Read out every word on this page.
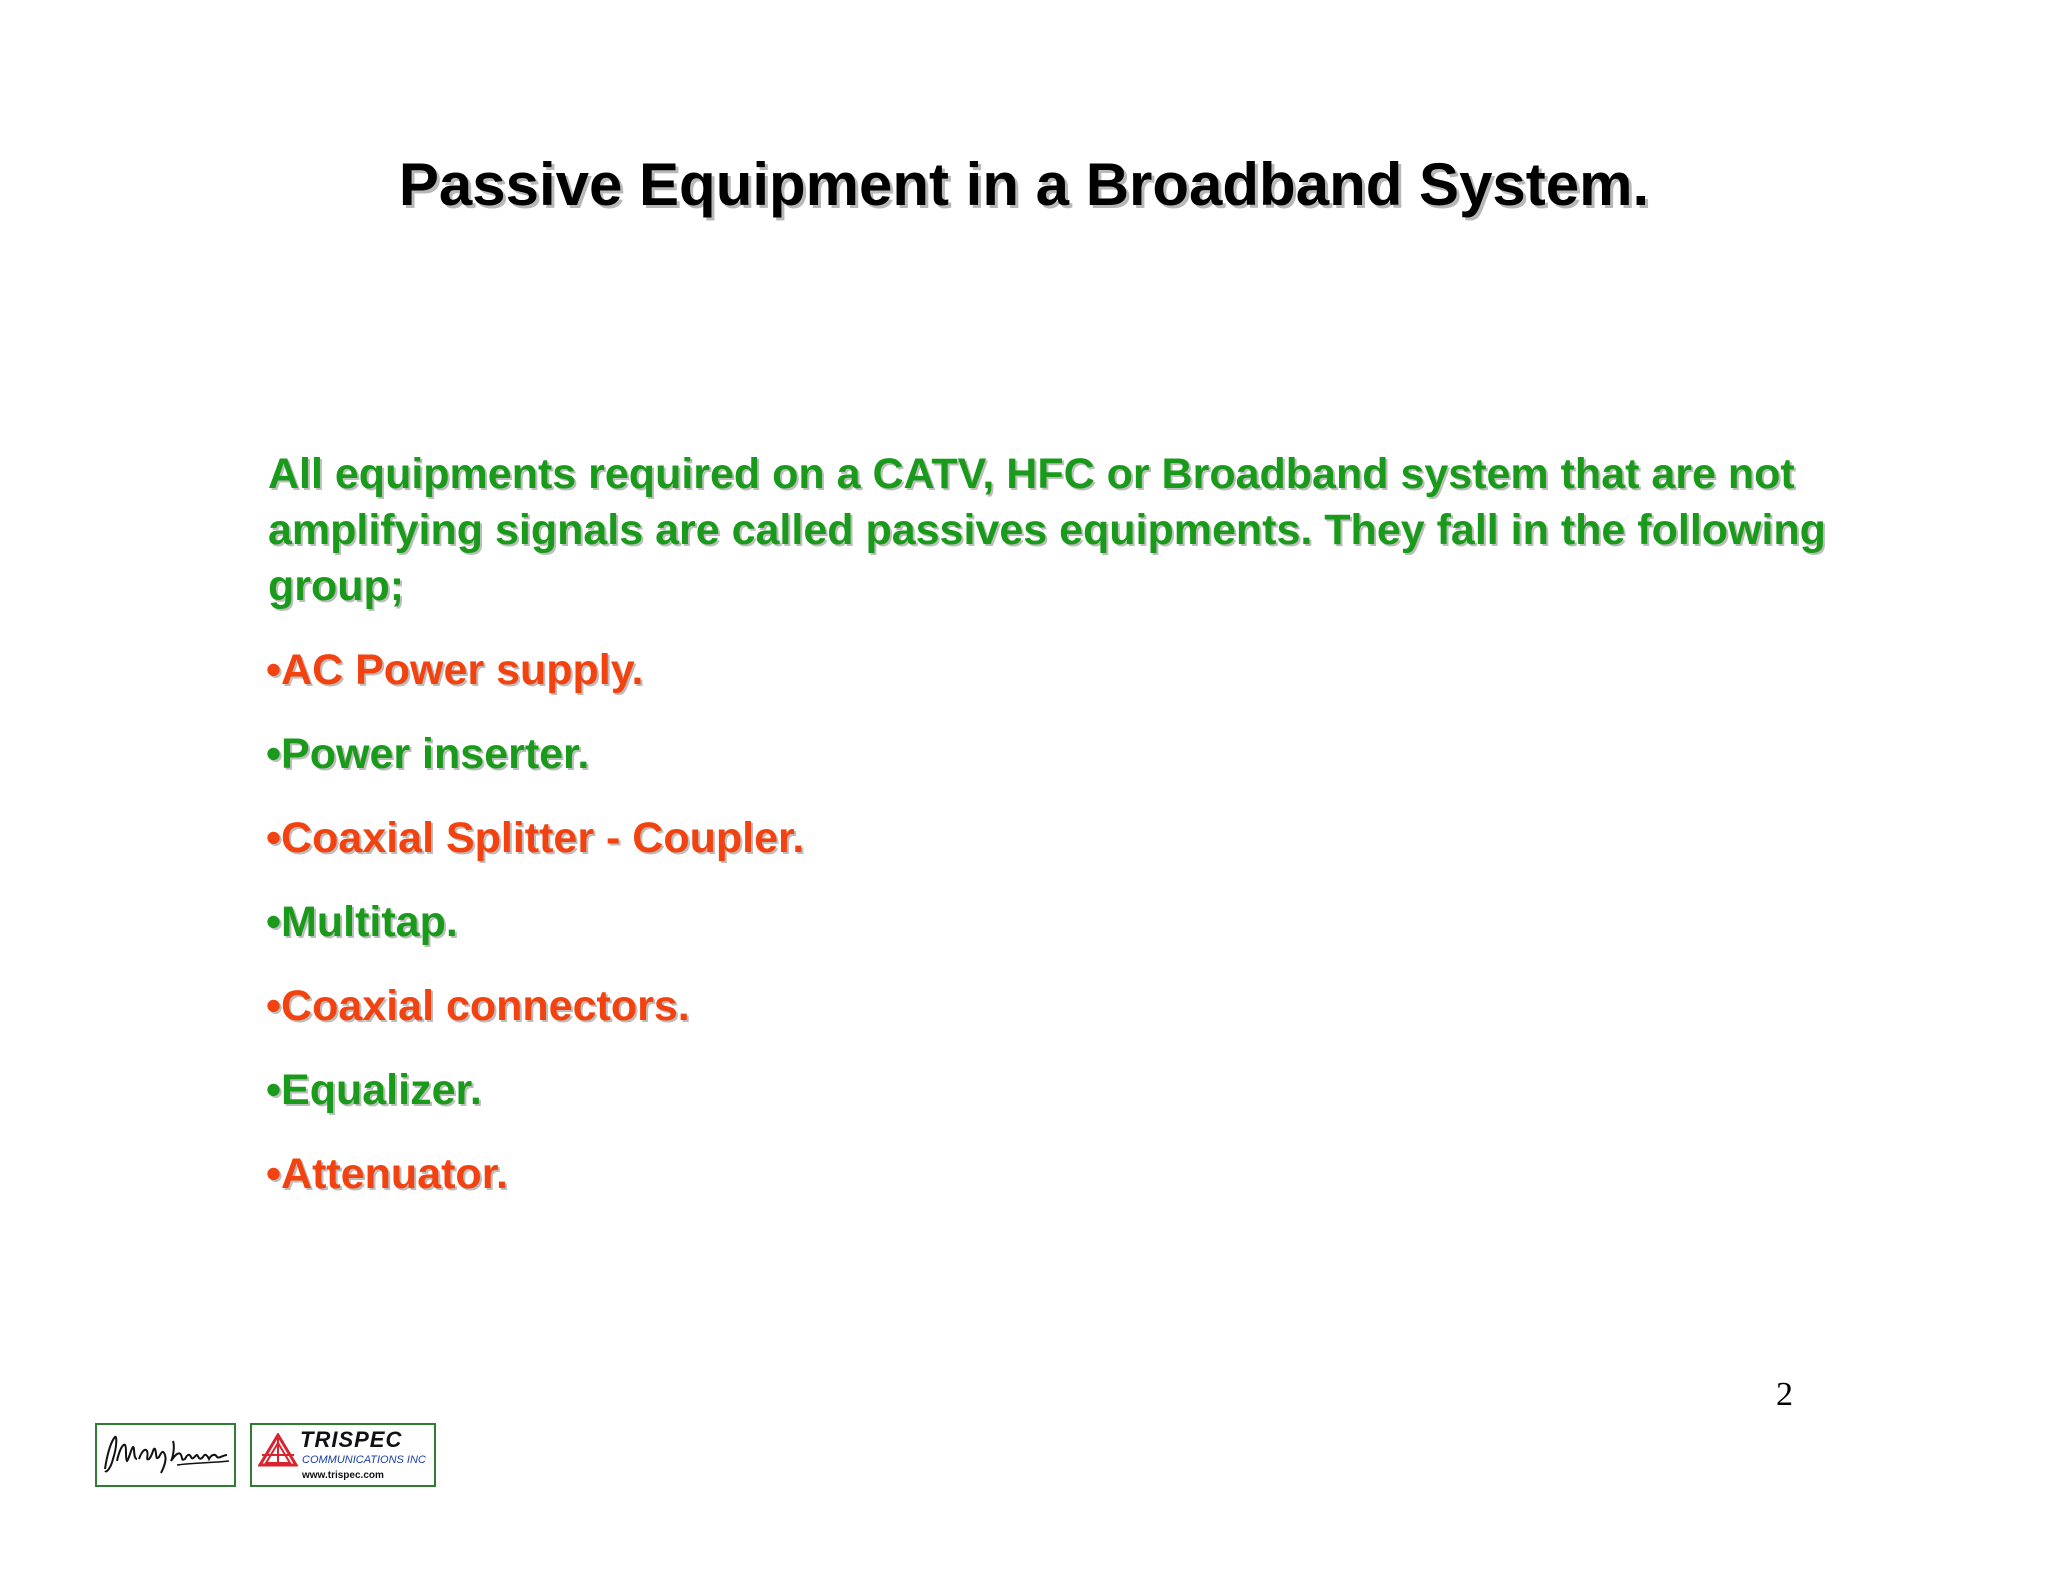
Passive Equipment in a Broadband System.
All equipments required on a CATV, HFC or Broadband system that are not amplifying signals are called passives equipments. They fall in the following group;
•AC Power supply.
•Power inserter.
•Coaxial Splitter - Coupler.
•Multitap.
•Coaxial connectors.
•Equalizer.
•Attenuator.
2
TRISPEC
COMMUNICATIONS INC
www.trispec.com
